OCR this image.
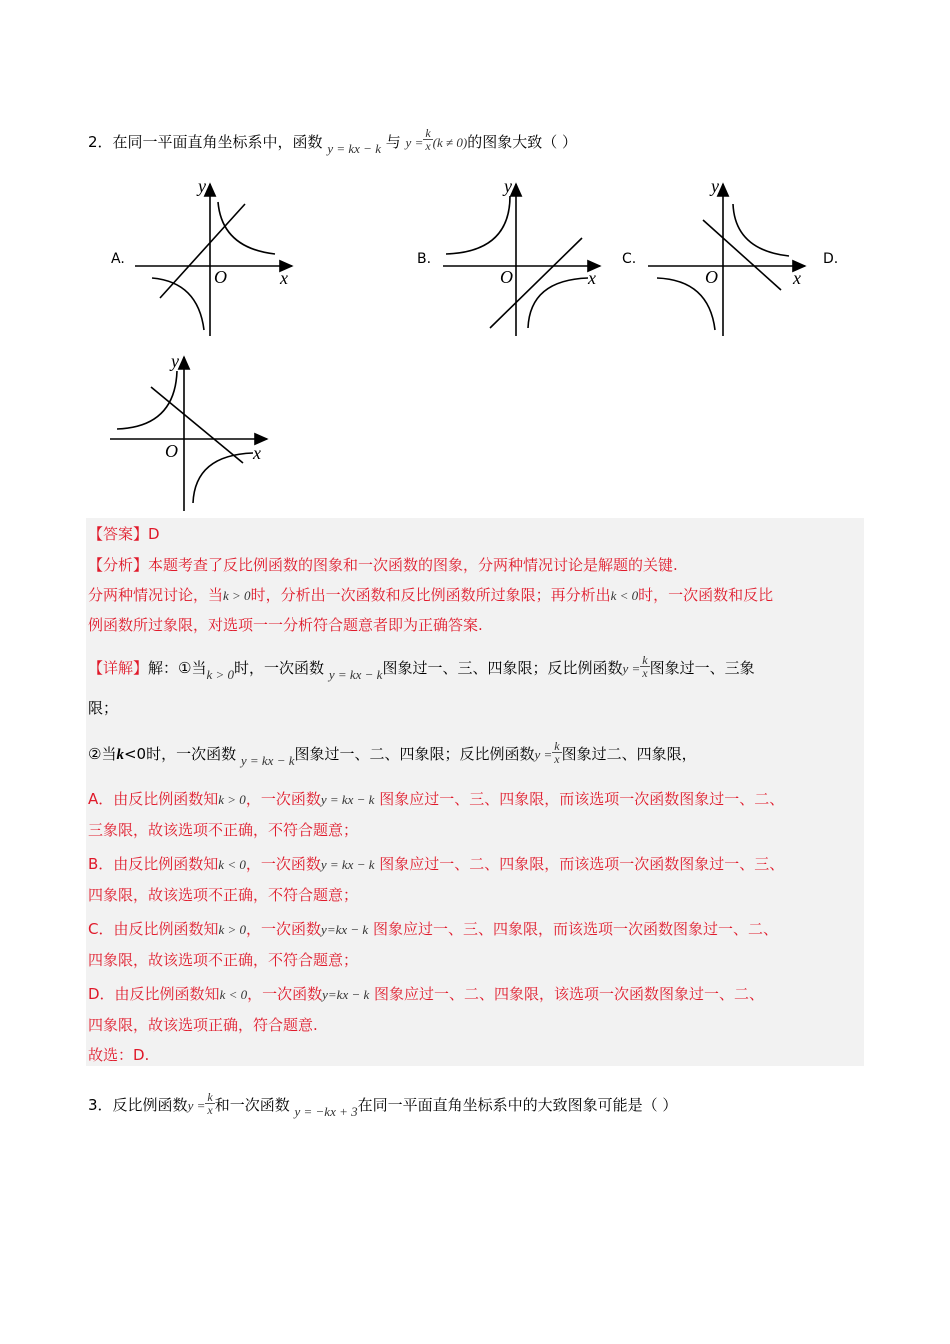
2．在同一平面直角坐标系中，函数 y = kx − k 与 $y = \frac{k}{x} (k \ne 0)$的图象大致（ ）
A.	B.	C.	D.
y
x
O
y
x
O
y
x
O
y
x
O
【答案】D
【分析】本题考查了反比例函数的图象和一次函数的图象，分两种情况讨论是解题的关键.
分两种情况讨论，当k > 0时，分析出一次函数和反比例函数所过象限；再分析出k < 0时，一次函数和反比
例函数所过象限，对选项一一分析符合题意者即为正确答案.
【详解】解：①当k > 0时，一次函数 y = kx − k图象过一、三、四象限；反比例函数$y = \frac{k}{x}$ 图象过一、三象
限；
②当k<0时，一次函数 y = kx − k图象过一、二、四象限；反比例函数$y = \frac{k}{x}$ 图象过二、四象限，
A．由反比例函数知k > 0，一次函数y = kx − k 图象应过一、三、四象限，而该选项一次函数图象过一、二、
三象限，故该选项不正确，不符合题意；
B．由反比例函数知k < 0，一次函数y = kx − k 图象应过一、二、四象限，而该选项一次函数图象过一、三、
四象限，故该选项不正确，不符合题意；
C．由反比例函数知k > 0，一次函数y=kx − k 图象应过一、三、四象限，而该选项一次函数图象过一、二、
四象限，故该选项不正确，不符合题意；
D．由反比例函数知k < 0，一次函数y=kx − k 图象应过一、二、四象限，该选项一次函数图象过一、二、
四象限，故该选项正确，符合题意.
故选：D.
3．反比例函数$y = \frac{k}{x}$ 和一次函数 y = −kx + 3在同一平面直角坐标系中的大致图象可能是（ ）
